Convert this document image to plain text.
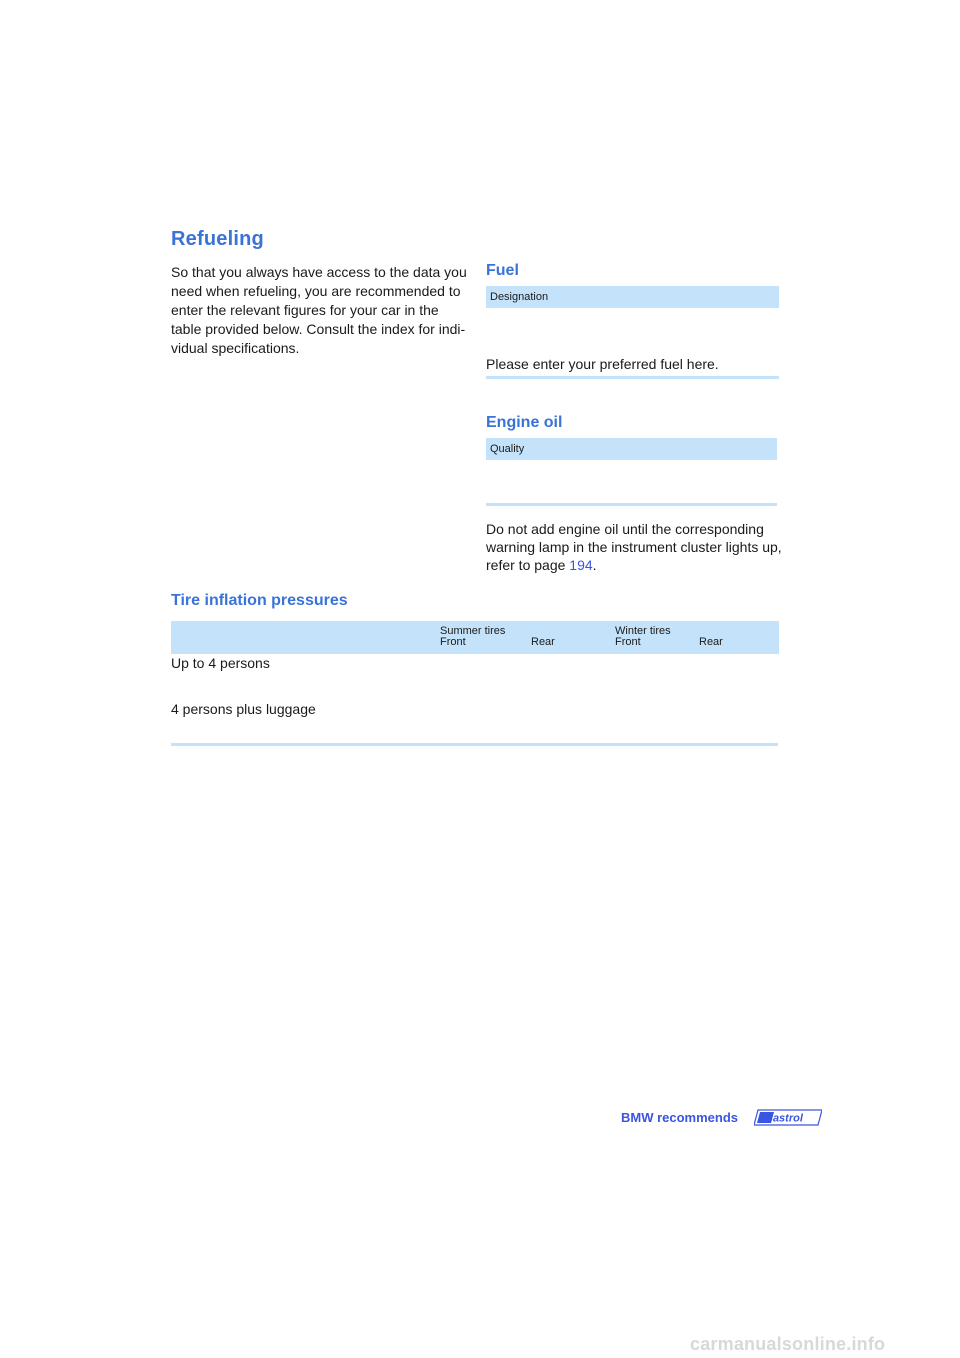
Refueling
So that you always have access to the data you
need when refueling, you are recommended to
enter the relevant figures for your car in the
table provided below. Consult the index for indi-
vidual specifications.
Fuel
Designation

Please enter your preferred fuel here.

Engine oil
Quality
Do not add engine oil until the corresponding
warning lamp in the instrument cluster lights up,
refer to page 194.
Tire inflation pressures
Summer tires
Front	Rear
Winter tires
Front	Rear
Up to 4 persons
4 persons plus luggage
BMW recommends Castrol
carmanualsonline.info
